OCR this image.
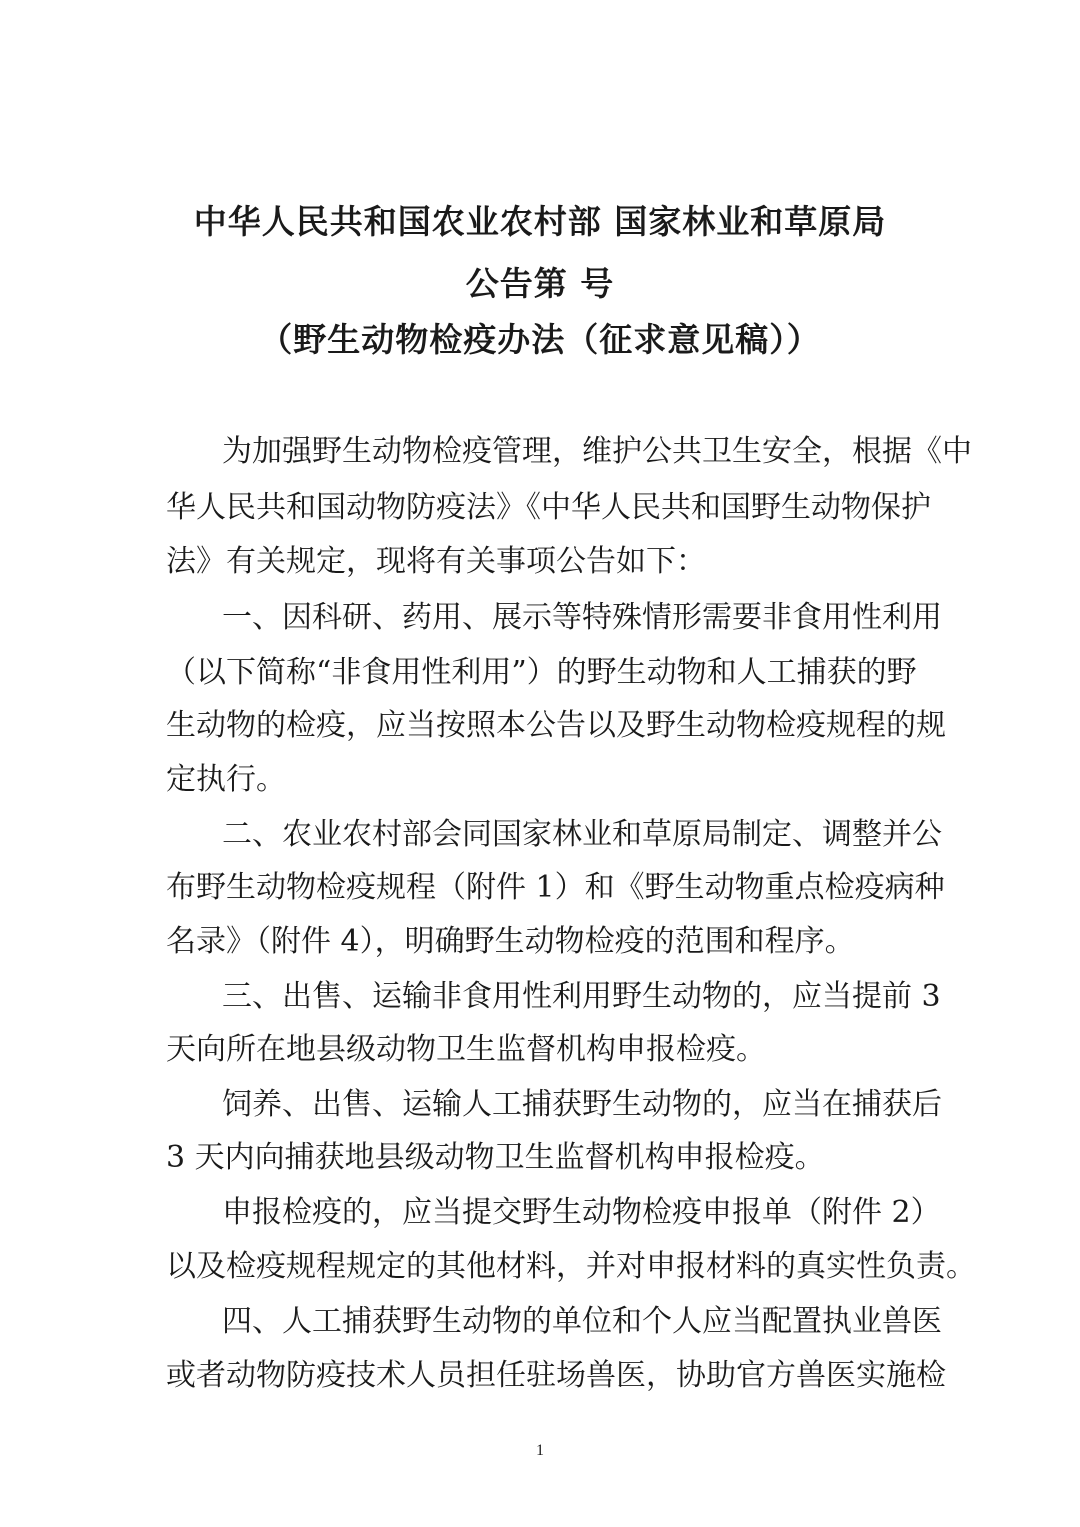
中华人民共和国农业农村部 国家林业和草原局
公告第 号
（野生动物检疫办法（征求意见稿））
为加强野生动物检疫管理，维护公共卫生安全，根据《中
华人民共和国动物防疫法》《中华人民共和国野生动物保护
法》有关规定，现将有关事项公告如下：
一、因科研、药用、展示等特殊情形需要非食用性利用
（以下简称“非食用性利用”）的野生动物和人工捕获的野
生动物的检疫，应当按照本公告以及野生动物检疫规程的规
定执行。
二、农业农村部会同国家林业和草原局制定、调整并公
布野生动物检疫规程（附件 1）和《野生动物重点检疫病种
名录》（附件 4），明确野生动物检疫的范围和程序。
三、出售、运输非食用性利用野生动物的，应当提前 3
天向所在地县级动物卫生监督机构申报检疫。
饲养、出售、运输人工捕获野生动物的，应当在捕获后
3 天内向捕获地县级动物卫生监督机构申报检疫。
申报检疫的，应当提交野生动物检疫申报单（附件 2）
以及检疫规程规定的其他材料，并对申报材料的真实性负责。
四、人工捕获野生动物的单位和个人应当配置执业兽医
或者动物防疫技术人员担任驻场兽医，协助官方兽医实施检
1
